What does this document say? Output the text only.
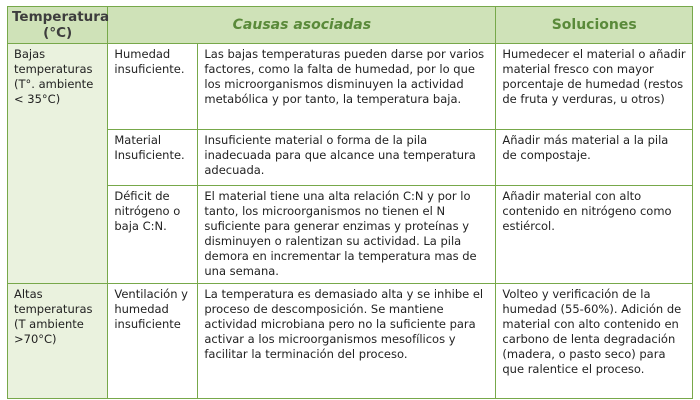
Temperatura (°C)	Causas asociadas		Soluciones
Bajas temperaturas (T°. ambiente < 35°C)	Humedad insuficiente.	Las bajas temperaturas pueden darse por varios factores, como la falta de humedad, por lo que los microorganismos disminuyen la actividad metabólica y por tanto, la temperatura baja.	Humedecer el material o añadir material fresco con mayor porcentaje de humedad (restos de fruta y verduras, u otros)
	Material Insuficiente.	Insuficiente material o forma de la pila inadecuada para que alcance una temperatura adecuada.	Añadir más material a la pila de compostaje.
	Déficit de nitrógeno o baja C:N.	El material tiene una alta relación C:N y por lo tanto, los microorganismos no tienen el N suficiente para generar enzimas y proteínas y disminuyen o ralentizan su actividad. La pila demora en incrementar la temperatura mas de una semana.	Añadir material con alto contenido en nitrógeno como estiércol.
Altas temperaturas (T ambiente >70°C)	Ventilación y humedad insuficiente	La temperatura es demasiado alta y se inhibe el proceso de descomposición. Se mantiene actividad microbiana pero no la suficiente para activar a los microorganismos mesofílicos y facilitar la terminación del proceso.	Volteo y verificación de la humedad (55-60%). Adición de material con alto contenido en carbono de lenta degradación (madera, o pasto seco) para que ralentice el proceso.
